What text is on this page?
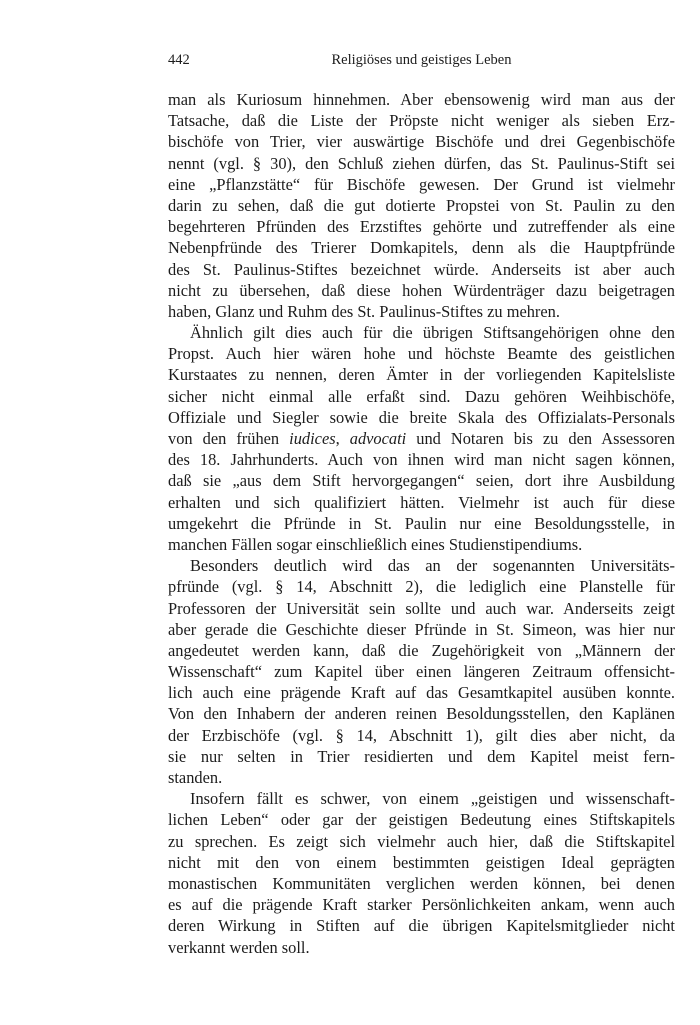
442	Religiöses und geistiges Leben
man als Kuriosum hinnehmen. Aber ebensowenig wird man aus der
Tatsache, daß die Liste der Pröpste nicht weniger als sieben Erz-
bischöfe von Trier, vier auswärtige Bischöfe und drei Gegenbischöfe
nennt (vgl. § 30), den Schluß ziehen dürfen, das St. Paulinus-Stift sei
eine „Pflanzstätte“ für Bischöfe gewesen. Der Grund ist vielmehr
darin zu sehen, daß die gut dotierte Propstei von St. Paulin zu den
begehrteren Pfründen des Erzstiftes gehörte und zutreffender als eine
Nebenpfründe des Trierer Domkapitels, denn als die Hauptpfründe
des St. Paulinus-Stiftes bezeichnet würde. Anderseits ist aber auch
nicht zu übersehen, daß diese hohen Würdenträger dazu beigetragen
haben, Glanz und Ruhm des St. Paulinus-Stiftes zu mehren.
Ähnlich gilt dies auch für die übrigen Stiftsangehörigen ohne den
Propst. Auch hier wären hohe und höchste Beamte des geistlichen
Kurstaates zu nennen, deren Ämter in der vorliegenden Kapitelsliste
sicher nicht einmal alle erfaßt sind. Dazu gehören Weihbischöfe,
Offiziale und Siegler sowie die breite Skala des Offizialats-Personals
von den frühen iudices, advocati und Notaren bis zu den Assessoren
des 18. Jahrhunderts. Auch von ihnen wird man nicht sagen können,
daß sie „aus dem Stift hervorgegangen“ seien, dort ihre Ausbildung
erhalten und sich qualifiziert hätten. Vielmehr ist auch für diese
umgekehrt die Pfründe in St. Paulin nur eine Besoldungsstelle, in
manchen Fällen sogar einschließlich eines Studienstipendiums.
Besonders deutlich wird das an der sogenannten Universitäts-
pfründe (vgl. § 14, Abschnitt 2), die lediglich eine Planstelle für
Professoren der Universität sein sollte und auch war. Anderseits zeigt
aber gerade die Geschichte dieser Pfründe in St. Simeon, was hier nur
angedeutet werden kann, daß die Zugehörigkeit von „Männern der
Wissenschaft“ zum Kapitel über einen längeren Zeitraum offensicht-
lich auch eine prägende Kraft auf das Gesamtkapitel ausüben konnte.
Von den Inhabern der anderen reinen Besoldungsstellen, den Kaplänen
der Erzbischöfe (vgl. § 14, Abschnitt 1), gilt dies aber nicht, da
sie nur selten in Trier residierten und dem Kapitel meist fern-
standen.
Insofern fällt es schwer, von einem „geistigen und wissenschaft-
lichen Leben“ oder gar der geistigen Bedeutung eines Stiftskapitels
zu sprechen. Es zeigt sich vielmehr auch hier, daß die Stiftskapitel
nicht mit den von einem bestimmten geistigen Ideal geprägten
monastischen Kommunitäten verglichen werden können, bei denen
es auf die prägende Kraft starker Persönlichkeiten ankam, wenn auch
deren Wirkung in Stiften auf die übrigen Kapitelsmitglieder nicht
verkannt werden soll.
